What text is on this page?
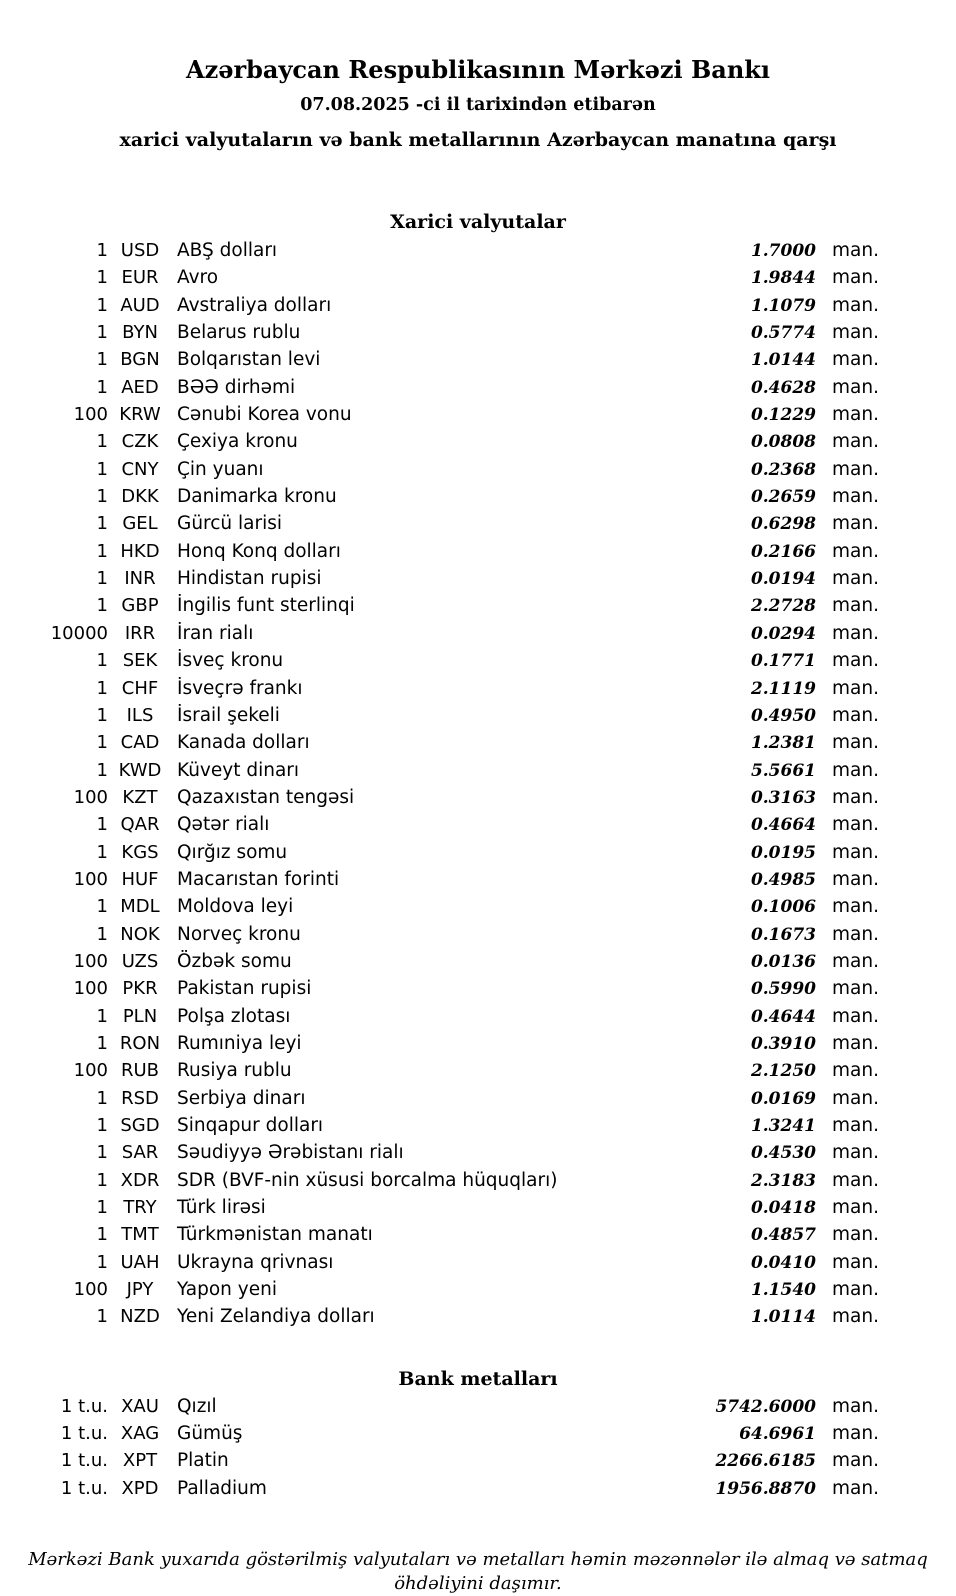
Azərbaycan Respublikasının Mərkəzi Bankı
07.08.2025 -ci il tarixindən etibarən
xarici valyutaların və bank metallarının Azərbaycan manatına qarşı
Xarici valyutalar
1 USD ABŞ dolları	1.7000 man.
1 EUR Avro	1.9844 man.
1 AUD Avstraliya dolları	1.1079 man.
1 BYN	Belarus rublu	0.5774 man.
1 BGN Bolqarıstan levi	1.0144 man.
1 AED BƏƏ dirhəmi	0.4628 man.
100 KRW Cənubi Korea vonu	0.1229 man.
1 CZK	Çexiya kronu	0.0808 man.
1 CNY Çin yuanı	0.2368 man.
1 DKK Danimarka kronu	0.2659 man.
1 GEL	Gürcü larisi	0.6298 man.
1 HKD Honq Konq dolları	0.2166 man.
1 INR	Hindistan rupisi	0.0194 man.
1 GBP İngilis funt sterlinqi	2.2728 man.
10000 IRR	İran rialı	0.0294 man.
1 SEK	İsveç kronu	0.1771 man.
1 CHF	İsveçrə frankı	2.1119 man.
1	ILS	İsrail şekeli	0.4950 man.
1 CAD Kanada dolları	1.2381 man.
1 KWD Küveyt dinarı	5.5661 man.
100 KZT	Qazaxıstan tengəsi	0.3163 man.
1 QAR Qətər rialı	0.4664 man.
1 KGS Qırğız somu	0.0195 man.
100 HUF Macarıstan forinti	0.4985 man.
1 MDL Moldova leyi	0.1006 man.
1 NOK Norveç kronu	0.1673 man.
100 UZS	Özbək somu	0.0136 man.
100 PKR	Pakistan rupisi	0.5990 man.
1 PLN	Polşa zlotası	0.4644 man.
1 RON Rumıniya leyi	0.3910 man.
100 RUB Rusiya rublu	2.1250 man.
1 RSD Serbiya dinarı	0.0169 man.
1 SGD Sinqapur dolları	1.3241 man.
1 SAR	Səudiyyə Ərəbistanı rialı	0.4530 man.
1 XDR SDR (BVF-nin xüsusi borcalma hüquqları)	2.3183 man.
1 TRY	Türk lirəsi	0.0418 man.
1 TMT Türkmənistan manatı	0.4857 man.
1 UAH Ukrayna qrivnası	0.0410 man.
100	JPY	Yapon yeni	1.1540 man.
1 NZD Yeni Zelandiya dolları	1.0114 man.
Bank metalları
1 t.u. XAU Qızıl	5742.6000 man.
1 t.u. XAG Gümüş	64.6961 man.
1 t.u. XPT	Platin	2266.6185 man.
1 t.u. XPD Palladium	1956.8870 man.
Mərkəzi Bank yuxarıda göstərilmiş valyutaları və metalları həmin məzənnələr ilə almaq və satmaq öhdəliyini daşımır.
